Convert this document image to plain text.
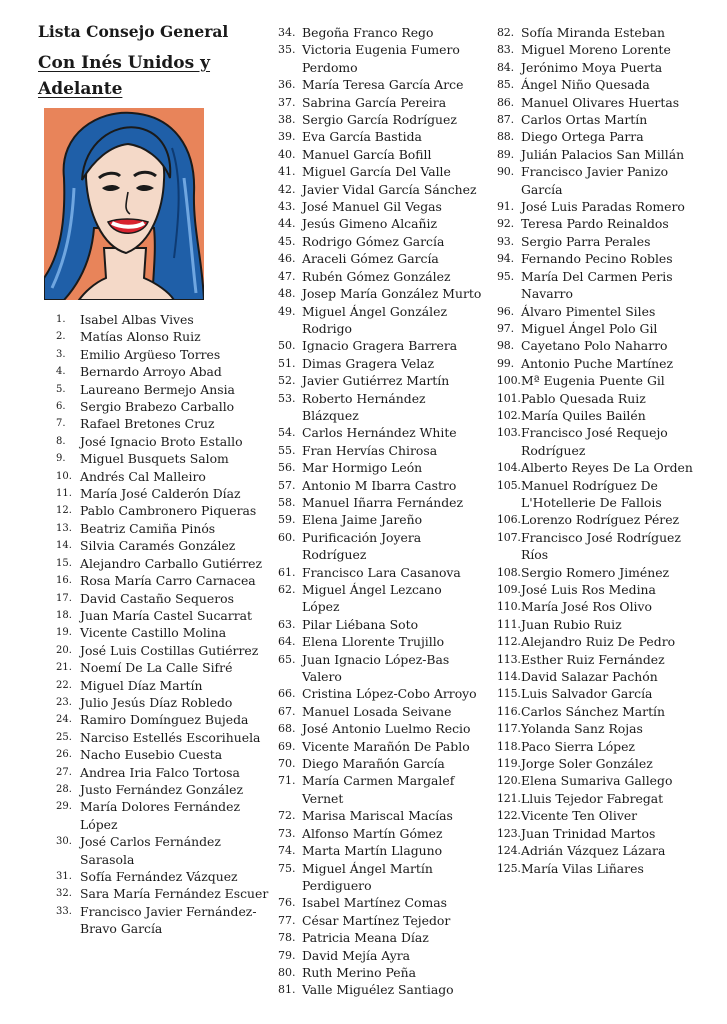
Lista Consejo General
Con Inés Unidos y Adelante
1.	Isabel Albas Vives
2.	Matías Alonso Ruiz
3.	Emilio Argüeso Torres
4.	Bernardo Arroyo Abad
5.	Laureano Bermejo Ansia
6.	Sergio Brabezo Carballo
7.	Rafael Bretones Cruz
8.	José Ignacio Broto Estallo
9.	Miguel Busquets Salom
10. Andrés Cal Malleiro
11. María José Calderón Díaz
12. Pablo Cambronero Piqueras
13. Beatriz Camiña Pinós
14. Silvia Caramés González
15. Alejandro Carballo Gutiérrez
16. Rosa María Carro Carnacea
17. David Castaño Sequeros
18. Juan María Castel Sucarrat
19. Vicente Castillo Molina
20. José Luis Costillas Gutiérrez
21. Noemí De La Calle Sifré
22. Miguel Díaz Martín
23. Julio Jesús Díaz Robledo
24. Ramiro Domínguez Bujeda
25. Narciso Estellés Escorihuela
26. Nacho Eusebio Cuesta
27. Andrea Iria Falco Tortosa
28. Justo Fernández González
29. María Dolores Fernández López
30. José Carlos Fernández Sarasola
31. Sofía Fernández Vázquez
32. Sara María Fernández Escuer
33. Francisco Javier Fernández-Bravo García
34. Begoña Franco Rego
35. Victoria Eugenia Fumero Perdomo
36. María Teresa García Arce
37. Sabrina García Pereira
38. Sergio García Rodríguez
39. Eva García Bastida
40. Manuel García Bofill
41. Miguel García Del Valle
42. Javier Vidal García Sánchez
43. José Manuel Gil Vegas
44. Jesús Gimeno Alcañiz
45. Rodrigo Gómez García
46. Araceli Gómez García
47. Rubén Gómez González
48. Josep María González Murto
49. Miguel Ángel González Rodrigo
50. Ignacio Gragera Barrera
51. Dimas Gragera Velaz
52. Javier Gutiérrez Martín
53. Roberto Hernández Blázquez
54. Carlos Hernández White
55. Fran Hervías Chirosa
56. Mar Hormigo León
57. Antonio M Ibarra Castro
58. Manuel Iñarra Fernández
59. Elena Jaime Jareño
60. Purificación Joyera Rodríguez
61. Francisco Lara Casanova
62. Miguel Ángel Lezcano López
63. Pilar Liébana Soto
64. Elena Llorente Trujillo
65. Juan Ignacio López-Bas Valero
66. Cristina López-Cobo Arroyo
67. Manuel Losada Seivane
68. José Antonio Luelmo Recio
69. Vicente Marañón De Pablo
70. Diego Marañón García
71. María Carmen Margalef Vernet
72. Marisa Mariscal Macías
73. Alfonso Martín Gómez
74. Marta Martín Llaguno
75. Miguel Ángel Martín Perdiguero
76. Isabel Martínez Comas
77. César Martínez Tejedor
78. Patricia Meana Díaz
79. David Mejía Ayra
80. Ruth Merino Peña
81. Valle Miguélez Santiago
82. Sofía Miranda Esteban
83. Miguel Moreno Lorente
84. Jerónimo Moya Puerta
85. Ángel Niño Quesada
86. Manuel Olivares Huertas
87. Carlos Ortas Martín
88. Diego Ortega Parra
89. Julián Palacios San Millán
90. Francisco Javier Panizo García
91. José Luis Paradas Romero
92. Teresa Pardo Reinaldos
93. Sergio Parra Perales
94. Fernando Pecino Robles
95. María Del Carmen Peris Navarro
96. Álvaro Pimentel Siles
97. Miguel Ángel Polo Gil
98. Cayetano Polo Naharro
99. Antonio Puche Martínez
100. Mª Eugenia Puente Gil
101. Pablo Quesada Ruiz
102. María Quiles Bailén
103. Francisco José Requejo Rodríguez
104. Alberto Reyes De La Orden
105. Manuel Rodríguez De L'Hotellerie De Fallois
106. Lorenzo Rodríguez Pérez
107. Francisco José Rodríguez Ríos
108. Sergio Romero Jiménez
109. José Luis Ros Medina
110. María José Ros Olivo
111. Juan Rubio Ruiz
112. Alejandro Ruiz De Pedro
113. Esther Ruiz Fernández
114. David Salazar Pachón
115. Luis Salvador García
116. Carlos Sánchez Martín
117. Yolanda Sanz Rojas
118. Paco Sierra López
119. Jorge Soler González
120. Elena Sumariva Gallego
121. Lluis Tejedor Fabregat
122. Vicente Ten Oliver
123. Juan Trinidad Martos
124. Adrián Vázquez Lázara
125. María Vilas Liñares
